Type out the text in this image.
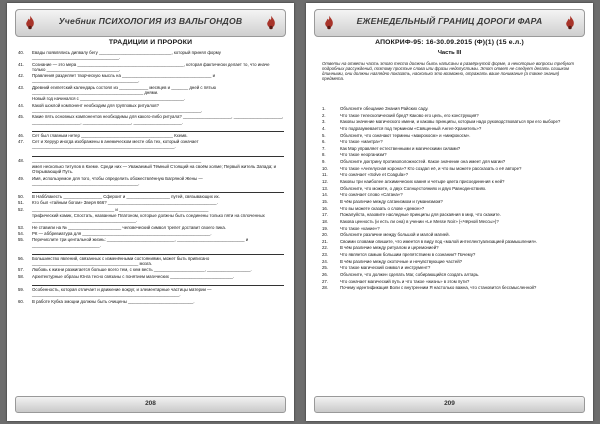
Учебник ПСИХОЛОГИЯ ИЗ ВАЛЬГОНДОВ
ТРАДИЦИИ И ПРОРОКИ
40.	Евады появлялись дипвалу бегу ______________________________, который принял форму ____________________________________.
41.	Сознание — это мера ____________________________________________, которая фактически делает то, что иначе только ______________________________.
42.	Правления разделяет творческую мысль на _____________________________________ и ____________________________________________.
43.	Древний египетский календарь состоял из ____________ месяцев и _______ дней с пятью ______________________________________________ днями.
Новый год начинался с ___________________________________________.
44.	Какой шоклой компонент необходим для групповых ритуалов? ______________________________________________________________________.
45.	Какие пять основных компонентов необходимы для какого-либо ритуала? ____________________, ____________________, ____________________, ____________________, ____________________.
46.	Сет был главным нетер ______________________________________ Кхемв.
47.	Сет и Херуур иногда изображены в анемическом месте оба тех, который означает ___________________________________________________________.
48.	______________________________________________________________________
имел несколько титулов в Кхеме. Среди них — Уважаемый Тёмный Стоящий на своём холме; Первый житель Запада; и Открывающий Путь.
49.	Имя, используемое для того, чтобы определить обожествлённую Багряной Жены — ____________________________________________.
50.	В Набблакесть ________________ Сфероит и __________________ путей, связывающих их.
51.	Кто был «тайным богом» Зверя 666? _____________________________________________.
52.	__________________________________ и _____________________________________
трифический комик, Спостать, названные Платоном, которые должны быть соединены только пяти на сплоченных ___________________________________________.
53.	Не ставили на № ______________________ человеческий символ трепет доставит своего пика.
54.	РК — аббревиатура для _____________________________________________________.
55.	Перечислите три центальной жизнь: ____________________________, ____________________________ и ____________________________.
56.	Большинство явлений, связанных с изменёнными состояниями, может быть приписано ____________________________________________ мозга.
57.	Любовь к жизни разжигается больше всего тем, с кем весть _____________________, __________________.
58.	Архитектурные образы Юнга тесно связаны с понятием магических __________________________.
59.	Особенность, которая отличает и движение вокруг, и элементарные частицы материи — _____________________________________________________________.
60.	В работе Кубка эмоции должны быть очищены ___________________________.
208
ЕЖЕНЕДЕЛЬНЫЙ ГРАНИЦ ДОРОГИ ФАРА
АПОКРИФ-95: 16-30.09.2015 (Ф)(1) (15 е.л.)
Часть III
Ответы на ответы часть этого теста должны быть написаны в развёрнутой форме, а некоторые вопросы требуют подробных рассуждений, поэтому простые слова или фразы недопустимы. Этот ответ не следует делать слишком длинными, они должны наглядно показать, насколько это возможно, отражать ваше понимание (а также знания) предмета.
1.	Объясните обещание Знания Райских саду.
2.	Что такое телескопический бред? Каково его цель, его конструкция?
3.	Каковы значение магического имени, и каковы принципы, которым надо руководствоваться при его выборе?
4.	Что подразумевается под термином «Священный Ангел-Хранитель»?
5.	Объясните, что означают термины «макрокосм» и «микрокосм».
6.	Что такое «мантра»?
7.	Как Мар управляет естественными и магическими силами?
8.	Что такое неорганизм?
9.	Объясните доктрину противоположностей. Какое значение она имеет для магии?
10.	Что такое «Ангелусная корона»? Кто создал её, и что вы можете рассказать о её авторе?
11.	Что означает «Solve et Coagula»?
12.	Каковы три наиболее алхимических камня и четыре цвета присоединения к ней?
13.	Объясните, что можете, о двух Солнцестояниях и двух Равноденствиях.
14.	Что означает слово «Сатана»?
15.	В чём различие между сатанизмом и гуманизмом?
16.	Что вы можете сказать о слове «демон»?
17.	Пожалуйста, назовите наследные принципы для раскаяния в мир, что скажите.
18.	Какова ценность (и есть ли она) в учении «Le Messe Noir» («Чёрной Мессы»)?
19.	Что такое «кание»?
20.	Объясните различие между большой и малой магией.
21.	Своими словами опишите, что имеется в виду под «малой интеллектуализацией размышления».
22.	В чём различие между ритуалом и церемонией?
23.	Что является самым большим препятствием в сознании? Почему?
24.	В чём различие между охоточные и нечувствующие частей?
25.	Что такое магический символ и инструмент?
26.	Объясните, что должен сделать Маг, собирающийся создать алтарь.
27.	Что означает магический путь и что такое «жизнь» в этом пути?
28.	Почему идентификация Воли с внутренним Я настолько важна, что становится бессмысленной?
209
